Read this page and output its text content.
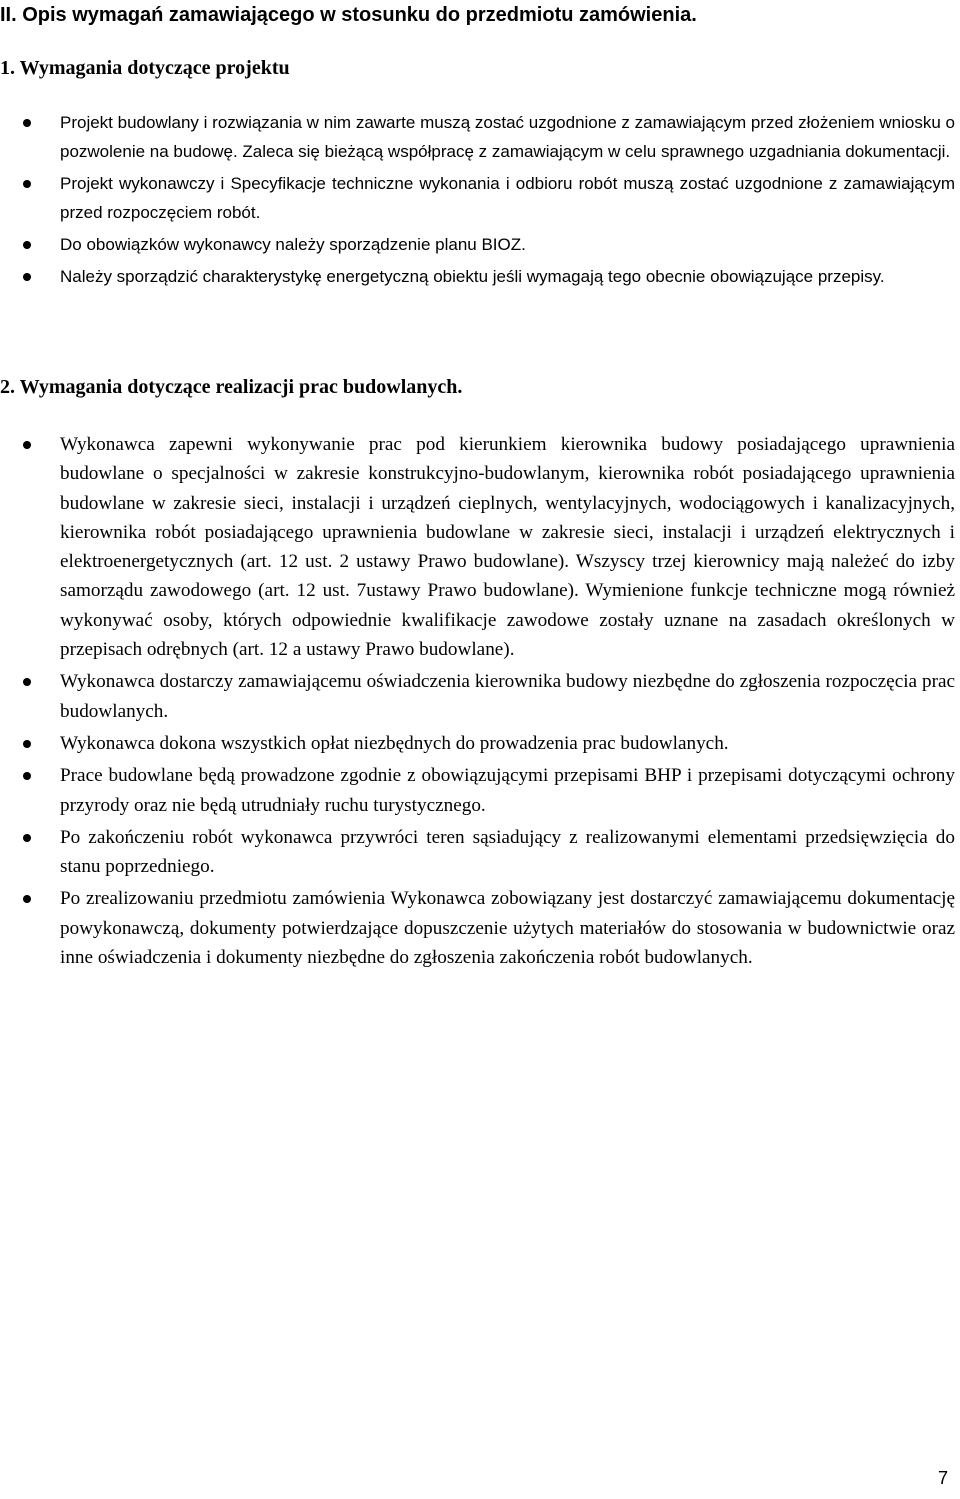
II. Opis wymagań zamawiającego w stosunku do przedmiotu zamówienia.
1. Wymagania dotyczące projektu
Projekt budowlany i rozwiązania w nim zawarte muszą zostać uzgodnione z zamawiającym przed złożeniem wniosku o pozwolenie na budowę. Zaleca się bieżącą współpracę z zamawiającym w celu sprawnego uzgadniania dokumentacji.
Projekt wykonawczy i Specyfikacje techniczne wykonania i odbioru robót muszą zostać uzgodnione z zamawiającym przed rozpoczęciem robót.
Do obowiązków wykonawcy należy sporządzenie planu BIOZ.
Należy sporządzić charakterystykę energetyczną obiektu jeśli wymagają tego obecnie obowiązujące przepisy.
2. Wymagania dotyczące realizacji prac budowlanych.
Wykonawca zapewni wykonywanie prac pod kierunkiem kierownika budowy posiadającego uprawnienia budowlane o specjalności w zakresie konstrukcyjno-budowlanym, kierownika robót posiadającego uprawnienia budowlane w zakresie sieci, instalacji i urządzeń cieplnych, wentylacyjnych, wodociągowych i kanalizacyjnych, kierownika robót posiadającego uprawnienia budowlane w zakresie sieci, instalacji i urządzeń elektrycznych i elektroenergetycznych (art. 12 ust. 2 ustawy Prawo budowlane). Wszyscy trzej kierownicy mają należeć do izby samorządu zawodowego (art. 12 ust. 7ustawy Prawo budowlane). Wymienione funkcje techniczne mogą również wykonywać osoby, których odpowiednie kwalifikacje zawodowe zostały uznane na zasadach określonych w przepisach odrębnych (art. 12 a ustawy Prawo budowlane).
Wykonawca dostarczy zamawiającemu oświadczenia kierownika budowy niezbędne do zgłoszenia rozpoczęcia prac budowlanych.
Wykonawca dokona wszystkich opłat niezbędnych do prowadzenia prac budowlanych.
Prace budowlane będą prowadzone zgodnie z obowiązującymi przepisami BHP i przepisami dotyczącymi ochrony przyrody oraz nie będą utrudniały ruchu turystycznego.
Po zakończeniu robót wykonawca przywróci teren sąsiadujący z realizowanymi elementami przedsięwzięcia do stanu poprzedniego.
Po zrealizowaniu przedmiotu zamówienia Wykonawca zobowiązany jest dostarczyć zamawiającemu dokumentację powykonawczą, dokumenty potwierdzające dopuszczenie użytych materiałów do stosowania w budownictwie oraz inne oświadczenia i dokumenty niezbędne do zgłoszenia zakończenia robót budowlanych.
7
